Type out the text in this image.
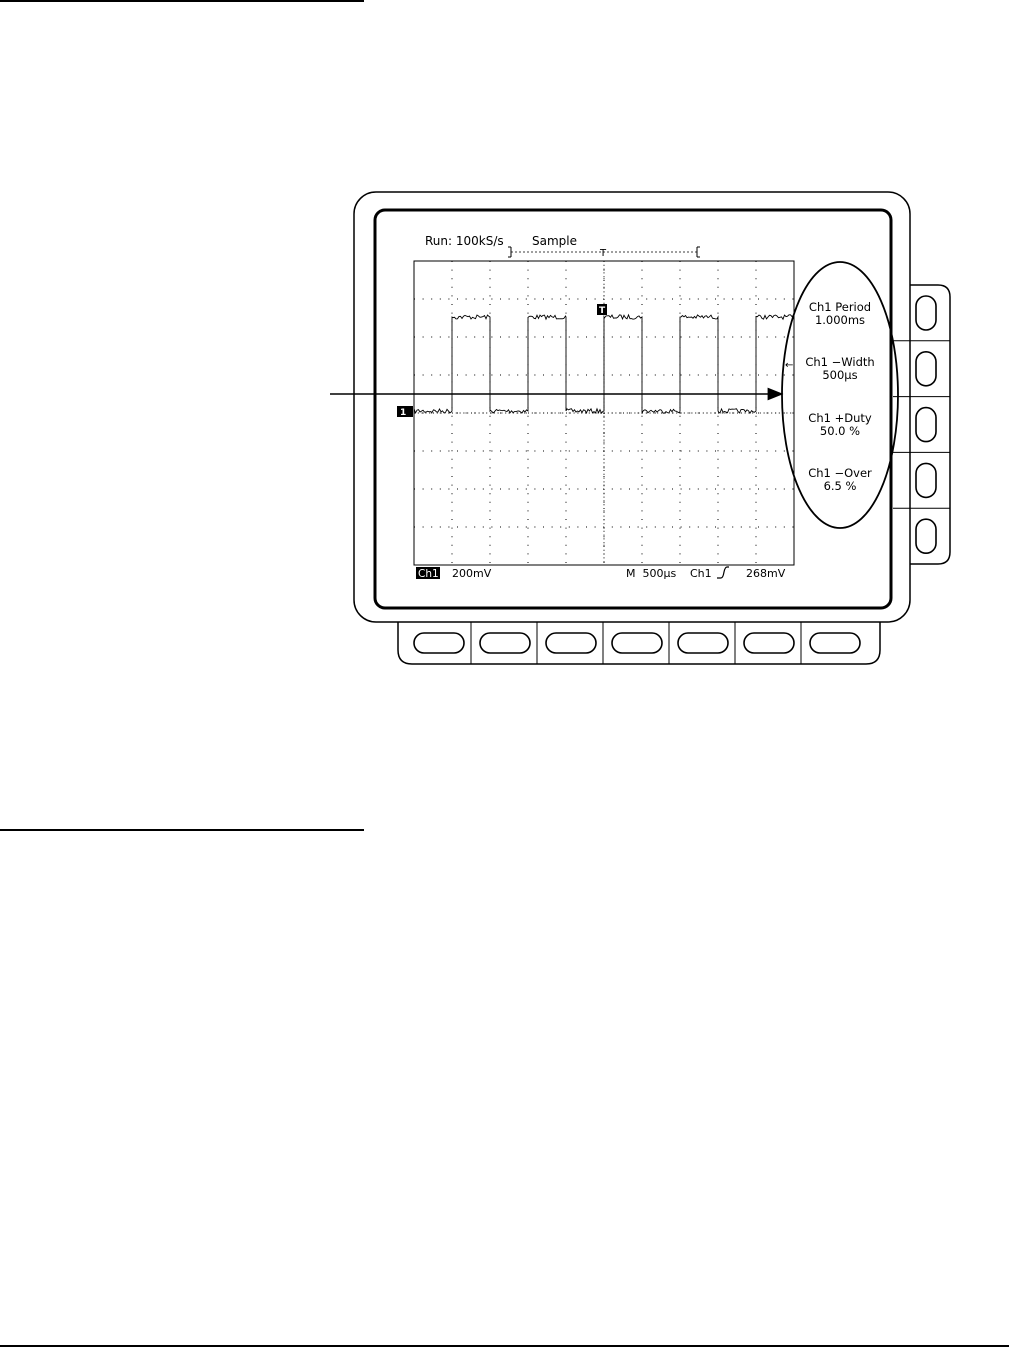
Run: 100kS/s Sample
T
T
1
←
Ch1 Period
1.000ms
Ch1 −Width
500µs
Ch1 +Duty
50.0 %
Ch1 −Over
6.5 %
Ch1 200mV	M  500µs Ch1	268mV
